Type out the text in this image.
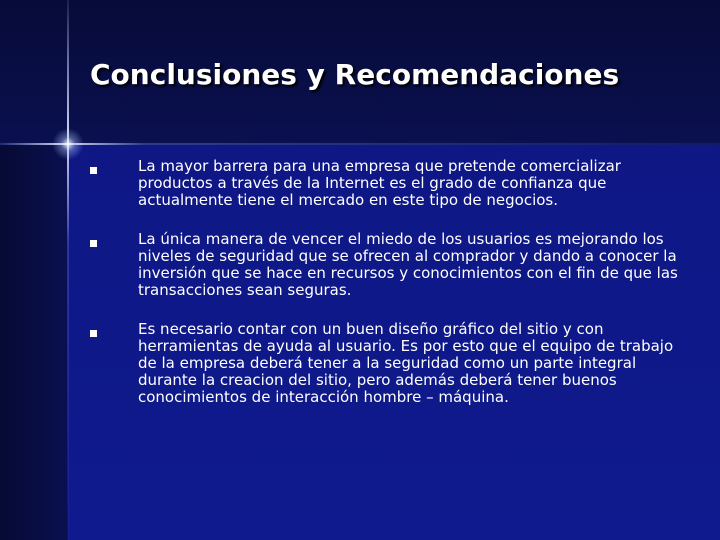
Conclusiones y Recomendaciones
La mayor barrera para una empresa que pretende comercializar productos a través de la Internet es el grado de confianza que actualmente tiene el mercado en este tipo de negocios.
La única manera de vencer el miedo de los usuarios es mejorando los niveles de seguridad que se ofrecen al comprador y dando a conocer la inversión que se hace en recursos y conocimientos con el fin de que las transacciones sean seguras.
Es necesario contar con un buen diseño gráfico del sitio y con herramientas de ayuda al usuario. Es por esto que el equipo de trabajo de la empresa deberá tener a la seguridad como un parte integral durante la creacion del sitio, pero además deberá tener buenos conocimientos de interacción hombre – máquina.
